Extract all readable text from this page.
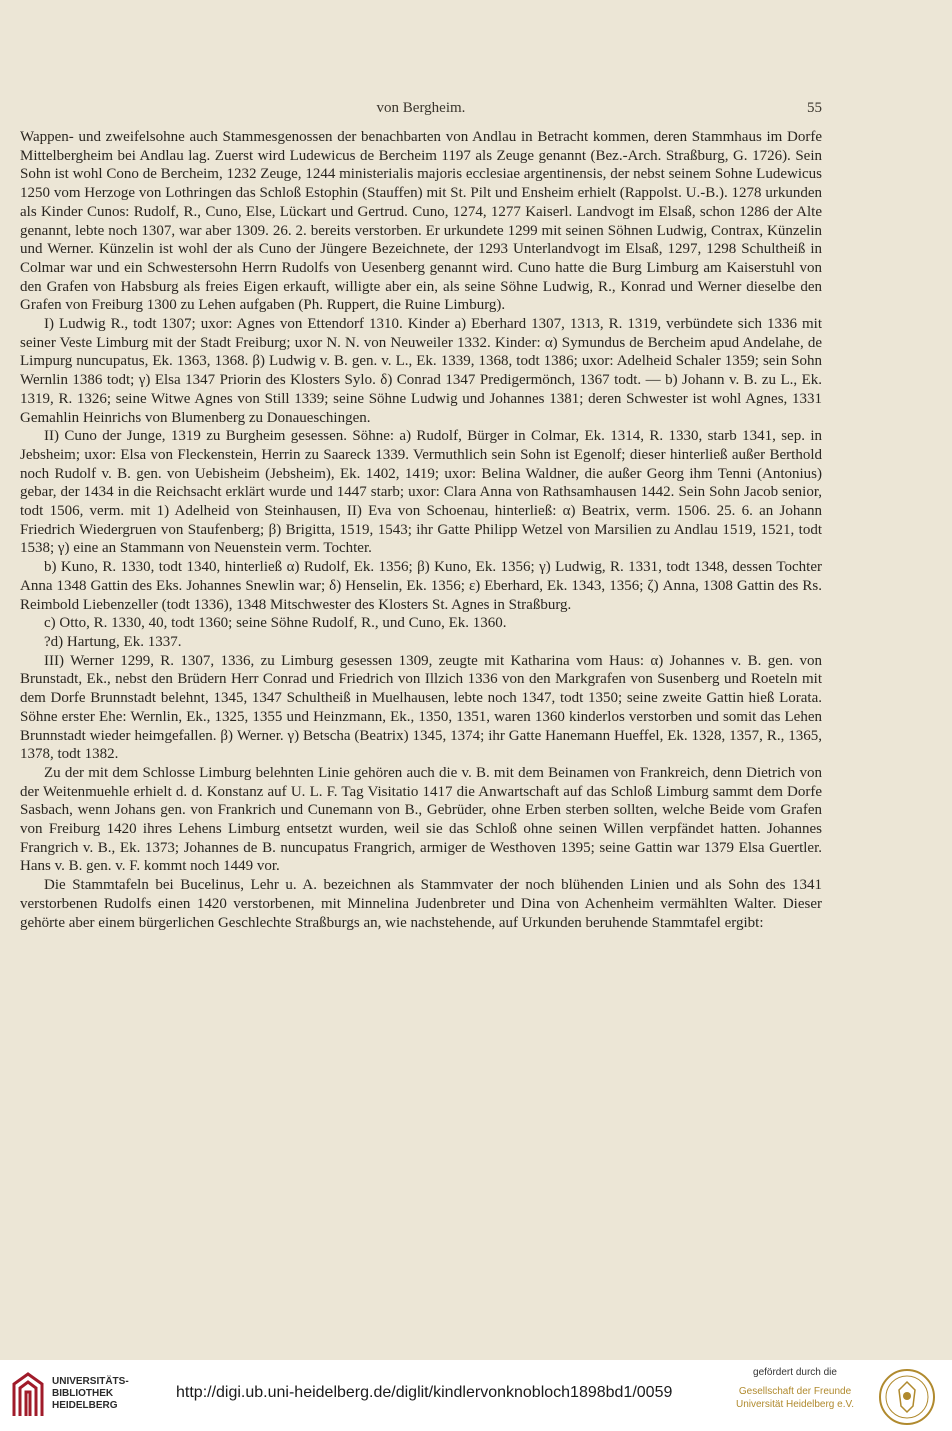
von Bergheim.	55

Wappen- und zweifelsohne auch Stammesgenossen der benachbarten von Andlau in Betracht kommen, deren Stammhaus im Dorfe Mittelbergheim bei Andlau lag. Zuerst wird Ludewicus de Bercheim 1197 als Zeuge genannt (Bez.-Arch. Straßburg, G. 1726). Sein Sohn ist wohl Cono de Bercheim, 1232 Zeuge, 1244 ministerialis majoris ecclesiae argentinensis, der nebst seinem Sohne Ludewicus 1250 vom Herzoge von Lothringen das Schloß Estophin (Stauffen) mit St. Pilt und Ensheim erhielt (Rappolst. U.-B.). 1278 urkunden als Kinder Cunos: Rudolf, R., Cuno, Else, Lückart und Gertrud. Cuno, 1274, 1277 Kaiserl. Landvogt im Elsaß, schon 1286 der Alte genannt, lebte noch 1307, war aber 1309. 26. 2. bereits verstorben. Er urkundete 1299 mit seinen Söhnen Ludwig, Contrax, Künzelin und Werner. Künzelin ist wohl der als Cuno der Jüngere Bezeichnete, der 1293 Unterlandvogt im Elsaß, 1297, 1298 Schultheiß in Colmar war und ein Schwestersohn Herrn Rudolfs von Uesenberg genannt wird. Cuno hatte die Burg Limburg am Kaiserstuhl von den Grafen von Habsburg als freies Eigen erkauft, willigte aber ein, als seine Söhne Ludwig, R., Konrad und Werner dieselbe den Grafen von Freiburg 1300 zu Lehen aufgaben (Ph. Ruppert, die Ruine Limburg).

I) Ludwig R., todt 1307; uxor: Agnes von Ettendorf 1310. Kinder a) Eberhard 1307, 1313, R. 1319, verbündete sich 1336 mit seiner Veste Limburg mit der Stadt Freiburg; uxor N. N. von Neuweiler 1332. Kinder: α) Symundus de Bercheim apud Andelahe, de Limpurg nuncupatus, Ek. 1363, 1368. β) Ludwig v. B. gen. v. L., Ek. 1339, 1368, todt 1386; uxor: Adelheid Schaler 1359; sein Sohn Wernlin 1386 todt; γ) Elsa 1347 Priorin des Klosters Sylo. δ) Conrad 1347 Predigermönch, 1367 todt. — b) Johann v. B. zu L., Ek. 1319, R. 1326; seine Witwe Agnes von Still 1339; seine Söhne Ludwig und Johannes 1381; deren Schwester ist wohl Agnes, 1331 Gemahlin Heinrichs von Blumenberg zu Donaueschingen.

II) Cuno der Junge, 1319 zu Burgheim gesessen. Söhne: a) Rudolf, Bürger in Colmar, Ek. 1314, R. 1330, starb 1341, sep. in Jebsheim; uxor: Elsa von Fleckenstein, Herrin zu Saareck 1339. Vermuthlich sein Sohn ist Egenolf; dieser hinterließ außer Berthold noch Rudolf v. B. gen. von Uebisheim (Jebsheim), Ek. 1402, 1419; uxor: Belina Waldner, die außer Georg ihm Tenni (Antonius) gebar, der 1434 in die Reichsacht erklärt wurde und 1447 starb; uxor: Clara Anna von Rathsamhausen 1442. Sein Sohn Jacob senior, todt 1506, verm. mit 1) Adelheid von Steinhausen, II) Eva von Schoenau, hinterließ: α) Beatrix, verm. 1506. 25. 6. an Johann Friedrich Wiedergruen von Staufenberg; β) Brigitta, 1519, 1543; ihr Gatte Philipp Wetzel von Marsilien zu Andlau 1519, 1521, todt 1538; γ) eine an Stammann von Neuenstein verm. Tochter.

b) Kuno, R. 1330, todt 1340, hinterließ α) Rudolf, Ek. 1356; β) Kuno, Ek. 1356; γ) Ludwig, R. 1331, todt 1348, dessen Tochter Anna 1348 Gattin des Eks. Johannes Snewlin war; δ) Henselin, Ek. 1356; ε) Eberhard, Ek. 1343, 1356; ζ) Anna, 1308 Gattin des Rs. Reimbold Liebenzeller (todt 1336), 1348 Mitschwester des Klosters St. Agnes in Straßburg.

c) Otto, R. 1330, 40, todt 1360; seine Söhne Rudolf, R., und Cuno, Ek. 1360.

?d) Hartung, Ek. 1337.

III) Werner 1299, R. 1307, 1336, zu Limburg gesessen 1309, zeugte mit Katharina vom Haus: α) Johannes v. B. gen. von Brunstadt, Ek., nebst den Brüdern Herr Conrad und Friedrich von Illzich 1336 von den Markgrafen von Susenberg und Roeteln mit dem Dorfe Brunnstadt belehnt, 1345, 1347 Schultheiß in Muelhausen, lebte noch 1347, todt 1350; seine zweite Gattin hieß Lorata. Söhne erster Ehe: Wernlin, Ek., 1325, 1355 und Heinzmann, Ek., 1350, 1351, waren 1360 kinderlos verstorben und somit das Lehen Brunnstadt wieder heimgefallen. β) Werner. γ) Betscha (Beatrix) 1345, 1374; ihr Gatte Hanemann Hueffel, Ek. 1328, 1357, R., 1365, 1378, todt 1382.

Zu der mit dem Schlosse Limburg belehnten Linie gehören auch die v. B. mit dem Beinamen von Frankreich, denn Dietrich von der Weitenmuehle erhielt d. d. Konstanz auf U. L. F. Tag Visitatio 1417 die Anwartschaft auf das Schloß Limburg sammt dem Dorfe Sasbach, wenn Johans gen. von Frankrich und Cunemann von B., Gebrüder, ohne Erben sterben sollten, welche Beide vom Grafen von Freiburg 1420 ihres Lehens Limburg entsetzt wurden, weil sie das Schloß ohne seinen Willen verpfändet hatten. Johannes Frangrich v. B., Ek. 1373; Johannes de B. nuncupatus Frangrich, armiger de Westhoven 1395; seine Gattin war 1379 Elsa Guertler. Hans v. B. gen. v. F. kommt noch 1449 vor.

Die Stammtafeln bei Bucelinus, Lehr u. A. bezeichnen als Stammvater der noch blühenden Linien und als Sohn des 1341 verstorbenen Rudolfs einen 1420 verstorbenen, mit Minnelina Judenbreter und Dina von Achenheim vermählten Walter. Dieser gehörte aber einem bürgerlichen Geschlechte Straßburgs an, wie nachstehende, auf Urkunden beruhende Stammtafel ergibt:

UNIVERSITÄTS-
BIBLIOTHEK
HEIDELBERG
http://digi.ub.uni-heidelberg.de/diglit/kindlervonknobloch1898bd1/0059
gefördert durch die
Gesellschaft der Freunde
Universität Heidelberg e.V.
